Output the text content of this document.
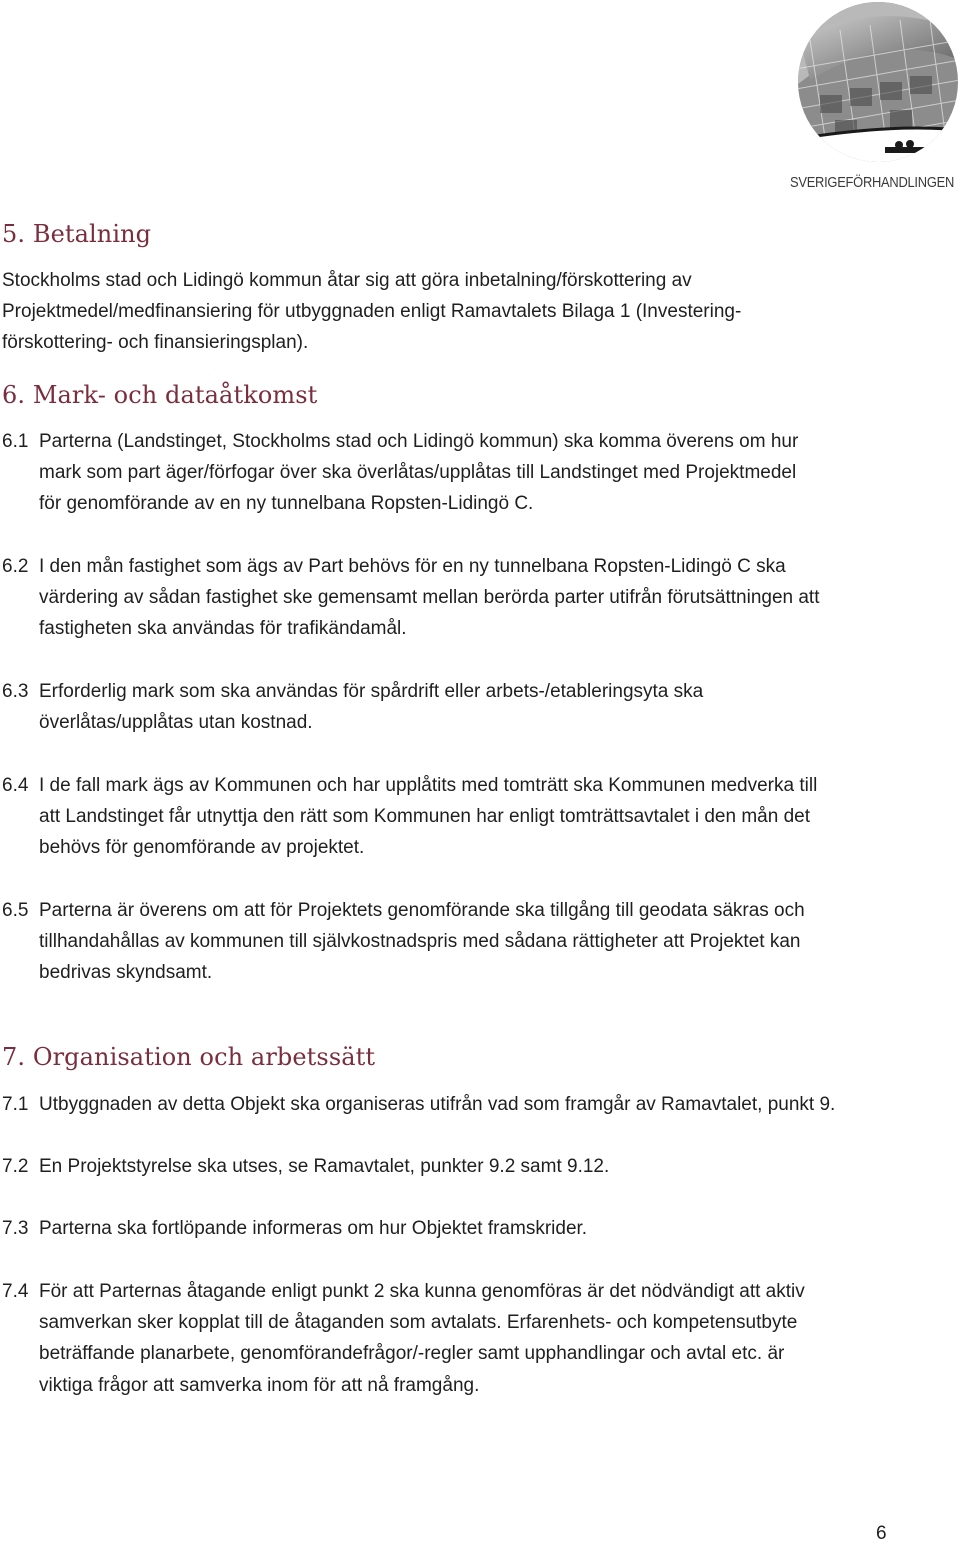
SVERIGEFÖRHANDLINGEN
5. Betalning
Stockholms stad och Lidingö kommun åtar sig att göra inbetalning/förskottering av
Projektmedel/medfinansiering för utbyggnaden enligt Ramavtalets Bilaga 1 (Investering-
förskottering- och finansieringsplan).
6. Mark- och dataåtkomst
6.1 Parterna (Landstinget, Stockholms stad och Lidingö kommun) ska komma överens om hur
mark som part äger/förfogar över ska överlåtas/upplåtas till Landstinget med Projektmedel
för genomförande av en ny tunnelbana Ropsten-Lidingö C.
6.2 I den mån fastighet som ägs av Part behövs för en ny tunnelbana Ropsten-Lidingö C ska
värdering av sådan fastighet ske gemensamt mellan berörda parter utifrån förutsättningen att
fastigheten ska användas för trafikändamål.
6.3 Erforderlig mark som ska användas för spårdrift eller arbets-/etableringsyta ska
överlåtas/upplåtas utan kostnad.
6.4 I de fall mark ägs av Kommunen och har upplåtits med tomträtt ska Kommunen medverka till
att Landstinget får utnyttja den rätt som Kommunen har enligt tomträttsavtalet i den mån det
behövs för genomförande av projektet.
6.5 Parterna är överens om att för Projektets genomförande ska tillgång till geodata säkras och
tillhandahållas av kommunen till självkostnadspris med sådana rättigheter att Projektet kan
bedrivas skyndsamt.
7. Organisation och arbetssätt
7.1 Utbyggnaden av detta Objekt ska organiseras utifrån vad som framgår av Ramavtalet, punkt 9.
7.2 En Projektstyrelse ska utses, se Ramavtalet, punkter 9.2 samt 9.12.
7.3 Parterna ska fortlöpande informeras om hur Objektet framskrider.
7.4 För att Parternas åtagande enligt punkt 2 ska kunna genomföras är det nödvändigt att aktiv
samverkan sker kopplat till de åtaganden som avtalats. Erfarenhets- och kompetensutbyte
beträffande planarbete, genomförandefrågor/-regler samt upphandlingar och avtal etc. är
viktiga frågor att samverka inom för att nå framgång.
6
